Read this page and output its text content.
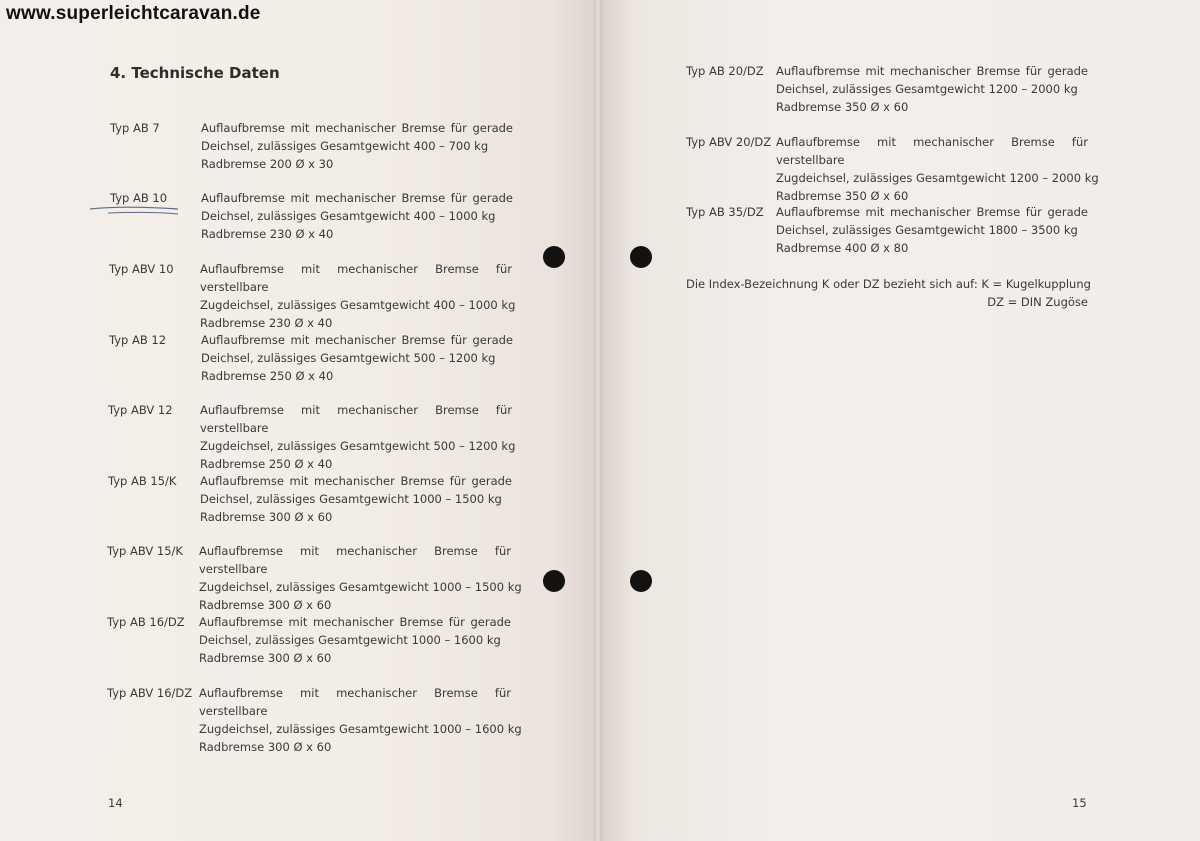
www.superleichtcaravan.de
4. Technische Daten
Typ AB 7	Auflaufbremse mit mechanischer Bremse für gerade
Deichsel, zulässiges Gesamtgewicht 400 – 700 kg
Radbremse 200 Ø x 30
Typ AB 10	Auflaufbremse mit mechanischer Bremse für gerade
Deichsel, zulässiges Gesamtgewicht 400 – 1000 kg
Radbremse 230 Ø x 40
Typ ABV 10 Auflaufbremse mit mechanischer Bremse für verstellbare
Zugdeichsel, zulässiges Gesamtgewicht 400 – 1000 kg
Radbremse 230 Ø x 40
Typ AB 12	Auflaufbremse mit mechanischer Bremse für gerade
Deichsel, zulässiges Gesamtgewicht 500 – 1200 kg
Radbremse 250 Ø x 40
Typ ABV 12 Auflaufbremse mit mechanischer Bremse für verstellbare
Zugdeichsel, zulässiges Gesamtgewicht 500 – 1200 kg
Radbremse 250 Ø x 40
Typ AB 15/K Auflaufbremse mit mechanischer Bremse für gerade
Deichsel, zulässiges Gesamtgewicht 1000 – 1500 kg
Radbremse 300 Ø x 60
Typ ABV 15/K Auflaufbremse mit mechanischer Bremse für verstellbare
Zugdeichsel, zulässiges Gesamtgewicht 1000 – 1500 kg
Radbremse 300 Ø x 60
Typ AB 16/DZ Auflaufbremse mit mechanischer Bremse für gerade
Deichsel, zulässiges Gesamtgewicht 1000 – 1600 kg
Radbremse 300 Ø x 60
Typ ABV 16/DZ Auflaufbremse mit mechanischer Bremse für verstellbare
Zugdeichsel, zulässiges Gesamtgewicht 1000 – 1600 kg
Radbremse 300 Ø x 60
14
Typ AB 20/DZ Auflaufbremse mit mechanischer Bremse für gerade
Deichsel, zulässiges Gesamtgewicht 1200 – 2000 kg
Radbremse 350 Ø x 60
Typ ABV 20/DZ Auflaufbremse mit mechanischer Bremse für verstellbare
Zugdeichsel, zulässiges Gesamtgewicht 1200 – 2000 kg
Radbremse 350 Ø x 60
Typ AB 35/DZ Auflaufbremse mit mechanischer Bremse für gerade
Deichsel, zulässiges Gesamtgewicht 1800 – 3500 kg
Radbremse 400 Ø x 80
Die Index-Bezeichnung K oder DZ bezieht sich auf: K = Kugelkupplung
DZ = DIN Zugöse
15
